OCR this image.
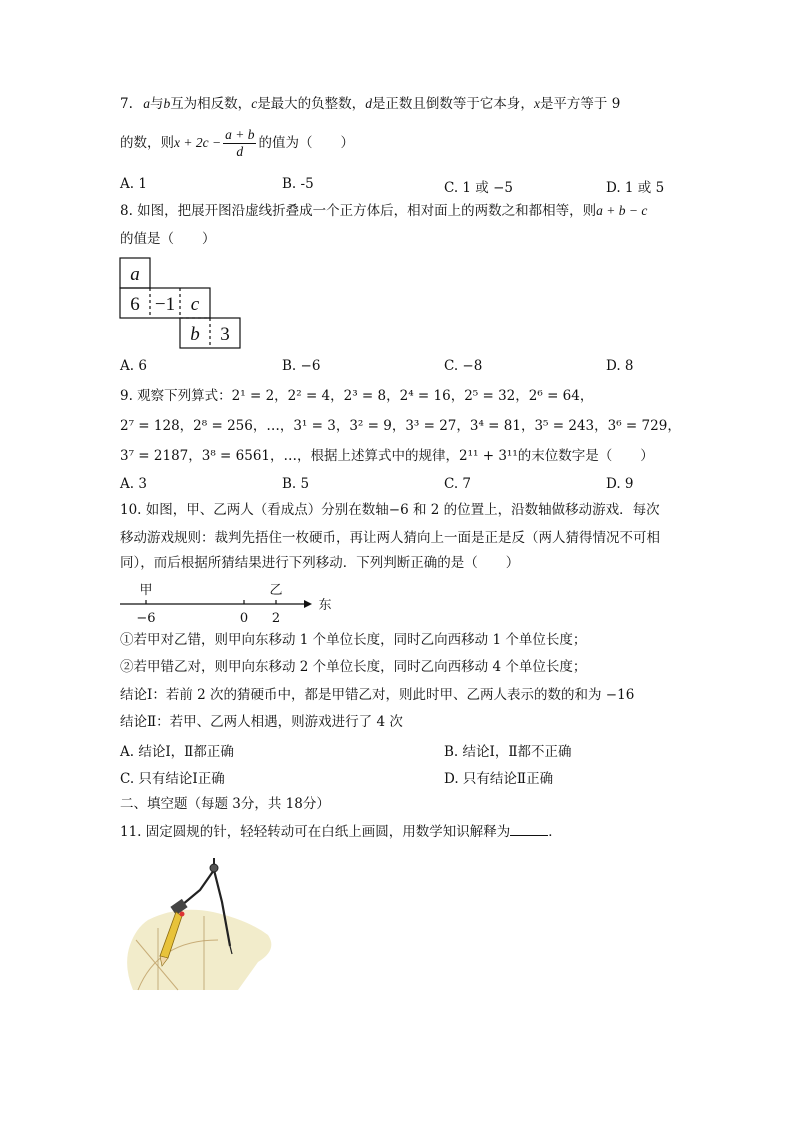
7. a与b互为相反数，c是最大的负整数，d是正数且倒数等于它本身，x是平方等于 9
的数，则$x + 2c - \frac{a + b}{d}$ 的值为（ ）
A. 1	B. -5	C. 1 或 −5	D. 1 或 5
8. 如图，把展开图沿虚线折叠成一个正方体后，相对面上的两数之和都相等，则a + b − c
的值是（ ）
a
6 −1 c
b 3
A. 6	B. −6	C. −8	D. 8
9. 观察下列算式：2¹ = 2，2² = 4，2³ = 8，2⁴ = 16，2⁵ = 32，2⁶ = 64，
2⁷ = 128，2⁸ = 256，…，3¹ = 3，3² = 9，3³ = 27，3⁴ = 81，3⁵ = 243，3⁶ = 729，
3⁷ = 2187，3⁸ = 6561，…，根据上述算式中的规律，2¹¹ + 3¹¹的末位数字是（ ）
A. 3	B. 5	C. 7	D. 9
10. 如图，甲、乙两人（看成点）分别在数轴−6 和 2 的位置上，沿数轴做移动游戏．每次
移动游戏规则：裁判先捂住一枚硬币，再让两人猜向上一面是正是反（两人猜得情况不可相
同），而后根据所猜结果进行下列移动．下列判断正确的是（ ）
甲	乙
−6	0 2
东
①若甲对乙错，则甲向东移动 1 个单位长度，同时乙向西移动 1 个单位长度；
②若甲错乙对，则甲向东移动 2 个单位长度，同时乙向西移动 4 个单位长度；
结论Ⅰ：若前 2 次的猜硬币中，都是甲错乙对，则此时甲、乙两人表示的数的和为 −16
结论Ⅱ：若甲、乙两人相遇，则游戏进行了 4 次
A. 结论Ⅰ，Ⅱ都正确	B. 结论Ⅰ，Ⅱ都不正确
C. 只有结论Ⅰ正确	D. 只有结论Ⅱ正确
二、填空题（每题 3分，共 18分）
11. 固定圆规的针，轻轻转动可在白纸上画圆，用数学知识解释为	．
